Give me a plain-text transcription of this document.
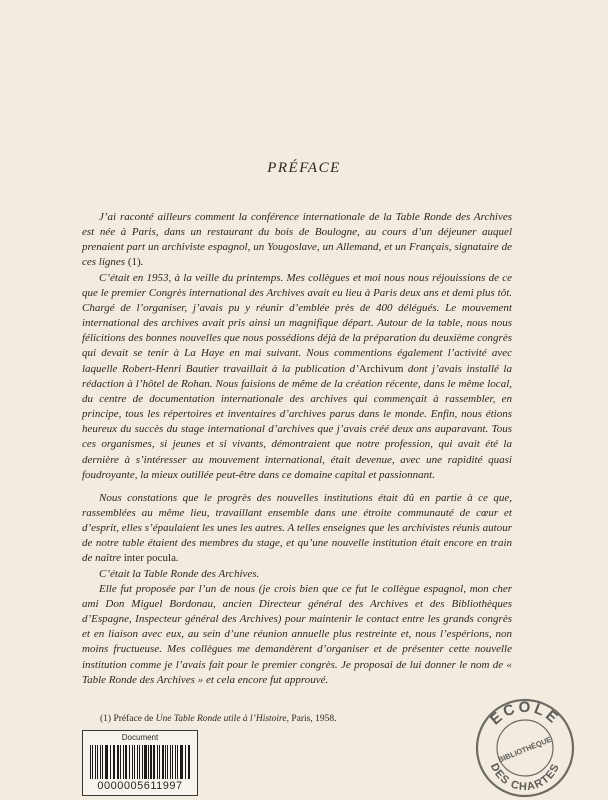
PRÉFACE

J’ai raconté ailleurs comment la conférence internationale de la Table Ronde des Archives est née à Paris, dans un restaurant du bois de Boulogne, au cours d’un déjeuner auquel prenaient part un archiviste espagnol, un Yougoslave, un Allemand, et un Français, signataire de ces lignes (1).

C’était en 1953, à la veille du printemps. Mes collègues et moi nous nous réjouissions de ce que le premier Congrès international des Archives avait eu lieu à Paris deux ans et demi plus tôt. Chargé de l’organiser, j’avais pu y réunir d’emblée près de 400 délégués. Le mouvement international des archives avait pris ainsi un magnifique départ. Autour de la table, nous nous félicitions des bonnes nouvelles que nous possédions déjà de la préparation du deuxième congrès qui devait se tenir à La Haye en mai suivant. Nous commentions également l’activité avec laquelle Robert-Henri Bautier travaillait à la publication d’Archivum dont j’avais installé la rédaction à l’hôtel de Rohan. Nous faisions de même de la création récente, dans le même local, du centre de documentation internationale des archives qui commençait à rassembler, en principe, tous les répertoires et inventaires d’archives parus dans le monde. Enfin, nous étions heureux du succès du stage international d’archives que j’avais créé deux ans auparavant. Tous ces organismes, si jeunes et si vivants, démontraient que notre profession, qui avait été la dernière à s’intéresser au mouvement international, était devenue, avec une rapidité quasi foudroyante, la mieux outillée peut-être dans ce domaine capital et passionnant.

Nous constations que le progrès des nouvelles institutions était dû en partie à ce que, rassemblées au même lieu, travaillant ensemble dans une étroite communauté de cœur et d’esprit, elles s’épaulaient les unes les autres. A telles enseignes que les archivistes réunis autour de notre table étaient des membres du stage, et qu’une nouvelle institution était encore en train de naître inter pocula.

C’était la Table Ronde des Archives.

Elle fut proposée par l’un de nous (je crois bien que ce fut le collègue espagnol, mon cher ami Don Miguel Bordonau, ancien Directeur général des Archives et des Bibliothèques d’Espagne, Inspecteur général des Archives) pour maintenir le contact entre les grands congrès et en liaison avec eux, au sein d’une réunion annuelle plus restreinte et, nous l’espérions, non moins fructueuse. Mes collègues me demandèrent d’organiser et de présenter cette nouvelle institution comme je l’avais fait pour le premier congrès. Je proposai de lui donner le nom de « Table Ronde des Archives » et cela encore fut approuvé.

(1) Préface de Une Table Ronde utile à l’Histoire, Paris, 1958.
Document
0000005611997
ECOLE
BIBLIOTHÈQUE
DES CHARTES
